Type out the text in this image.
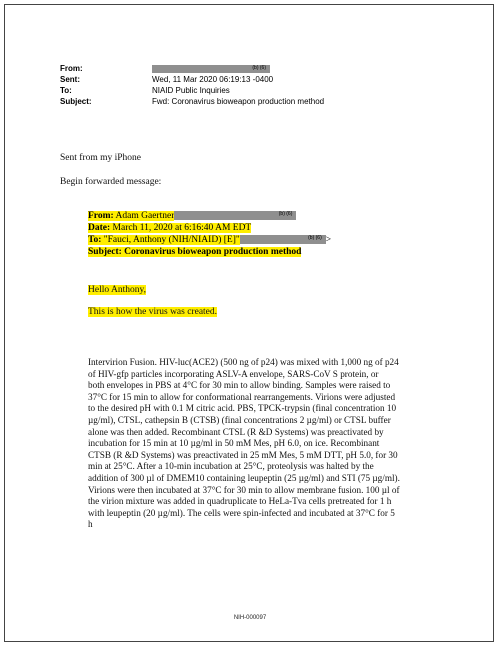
From:	(b) (6)
Sent:	Wed, 11 Mar 2020 06:19:13 -0400
To:	NIAID Public Inquiries
Subject:	Fwd: Coronavirus bioweapon production method
Sent from my iPhone
Begin forwarded message:
From: Adam Gaertner	(b) (6)
Date: March 11, 2020 at 6:16:40 AM EDT
To: "Fauci, Anthony (NIH/NIAID) [E]"	(b) (6) >
Subject: Coronavirus bioweapon production method
Hello Anthony,
This is how the virus was created.
Intervirion Fusion. HIV-luc(ACE2) (500 ng of p24) was mixed with 1,000 ng of p24
of HIV-gfp particles incorporating ASLV-A envelope, SARS-CoV S protein, or
both envelopes in PBS at 4°C for 30 min to allow binding. Samples were raised to
37°C for 15 min to allow for conformational rearrangements. Virions were adjusted
to the desired pH with 0.1 M citric acid. PBS, TPCK-trypsin (final concentration 10
µg/ml), CTSL, cathepsin B (CTSB) (final concentrations 2 µg/ml) or CTSL buffer
alone was then added. Recombinant CTSL (R &D Systems) was preactivated by
incubation for 15 min at 10 µg/ml in 50 mM Mes, pH 6.0, on ice. Recombinant
CTSB (R &D Systems) was preactivated in 25 mM Mes, 5 mM DTT, pH 5.0, for 30
min at 25°C. After a 10-min incubation at 25°C, proteolysis was halted by the
addition of 300 µl of DMEM10 containing leupeptin (25 µg/ml) and STI (75 µg/ml).
Virions were then incubated at 37°C for 30 min to allow membrane fusion. 100 µl of
the virion mixture was added in quadruplicate to HeLa-Tva cells pretreated for 1 h
with leupeptin (20 µg/ml). The cells were spin-infected and incubated at 37°C for 5
h
NIH-000097
